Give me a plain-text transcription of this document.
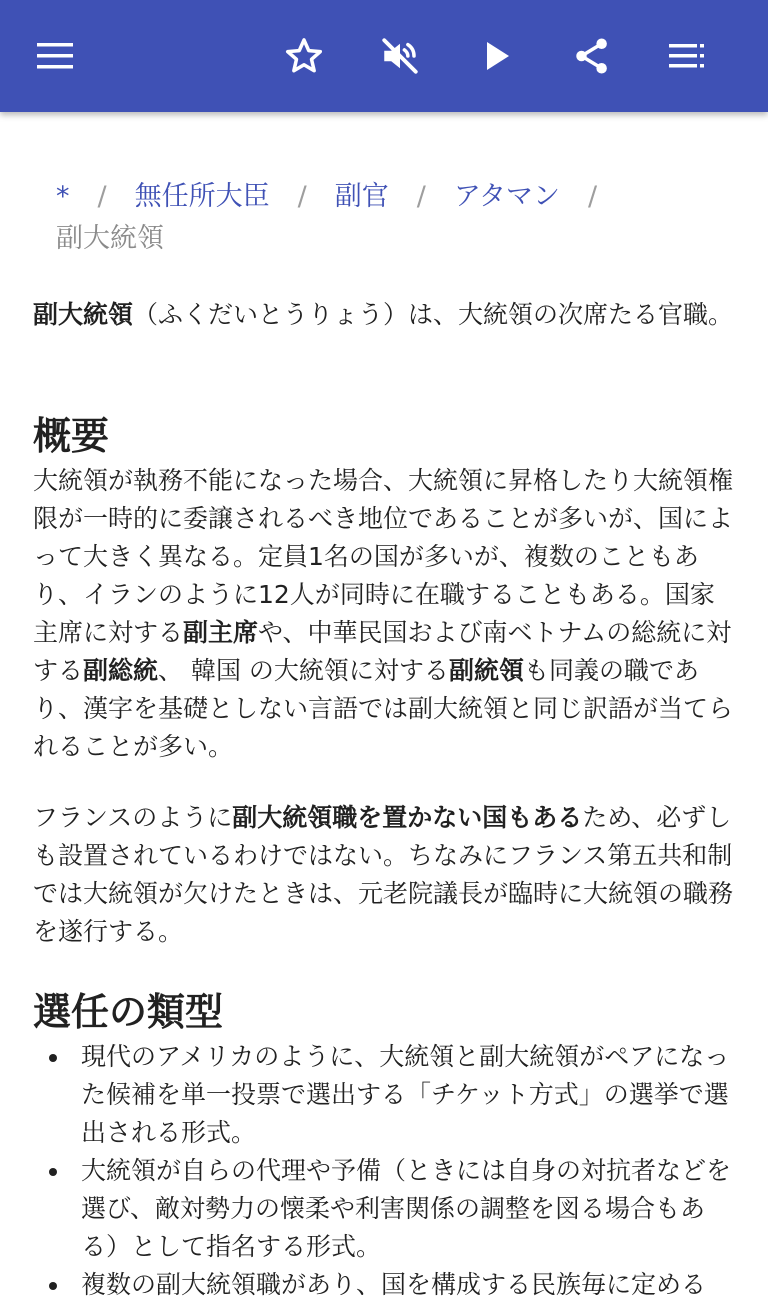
* / 無任所大臣 / 副官 / アタマン /
副大統領

副大統領（ふくだいとうりょう）は、大統領の次席たる官職。

概要

大統領が執務不能になった場合、大統領に昇格したり大統領権限が一時的に委譲されるべき地位であることが多いが、国によって大きく異なる。定員1名の国が多いが、複数のこともあり、イランのように12人が同時に在職することもある。国家主席に対する副主席や、中華民国および南ベトナムの総統に対する副総統、 韓国 の大統領に対する副統領も同義の職であり、漢字を基礎としない言語では副大統領と同じ訳語が当てられることが多い。

フランスのように副大統領職を置かない国もあるため、必ずしも設置されているわけではない。ちなみにフランス第五共和制では大統領が欠けたときは、元老院議長が臨時に大統領の職務を遂行する。

選任の類型
現代のアメリカのように、大統領と副大統領がペアになった候補を単一投票で選出する「チケット方式」の選挙で選出される形式。
大統領が自らの代理や予備（ときには自身の対抗者などを選び、敵対勢力の懐柔や利害関係の調整を図る場合もある）として指名する形式。
複数の副大統領職があり、国を構成する民族毎に定める
